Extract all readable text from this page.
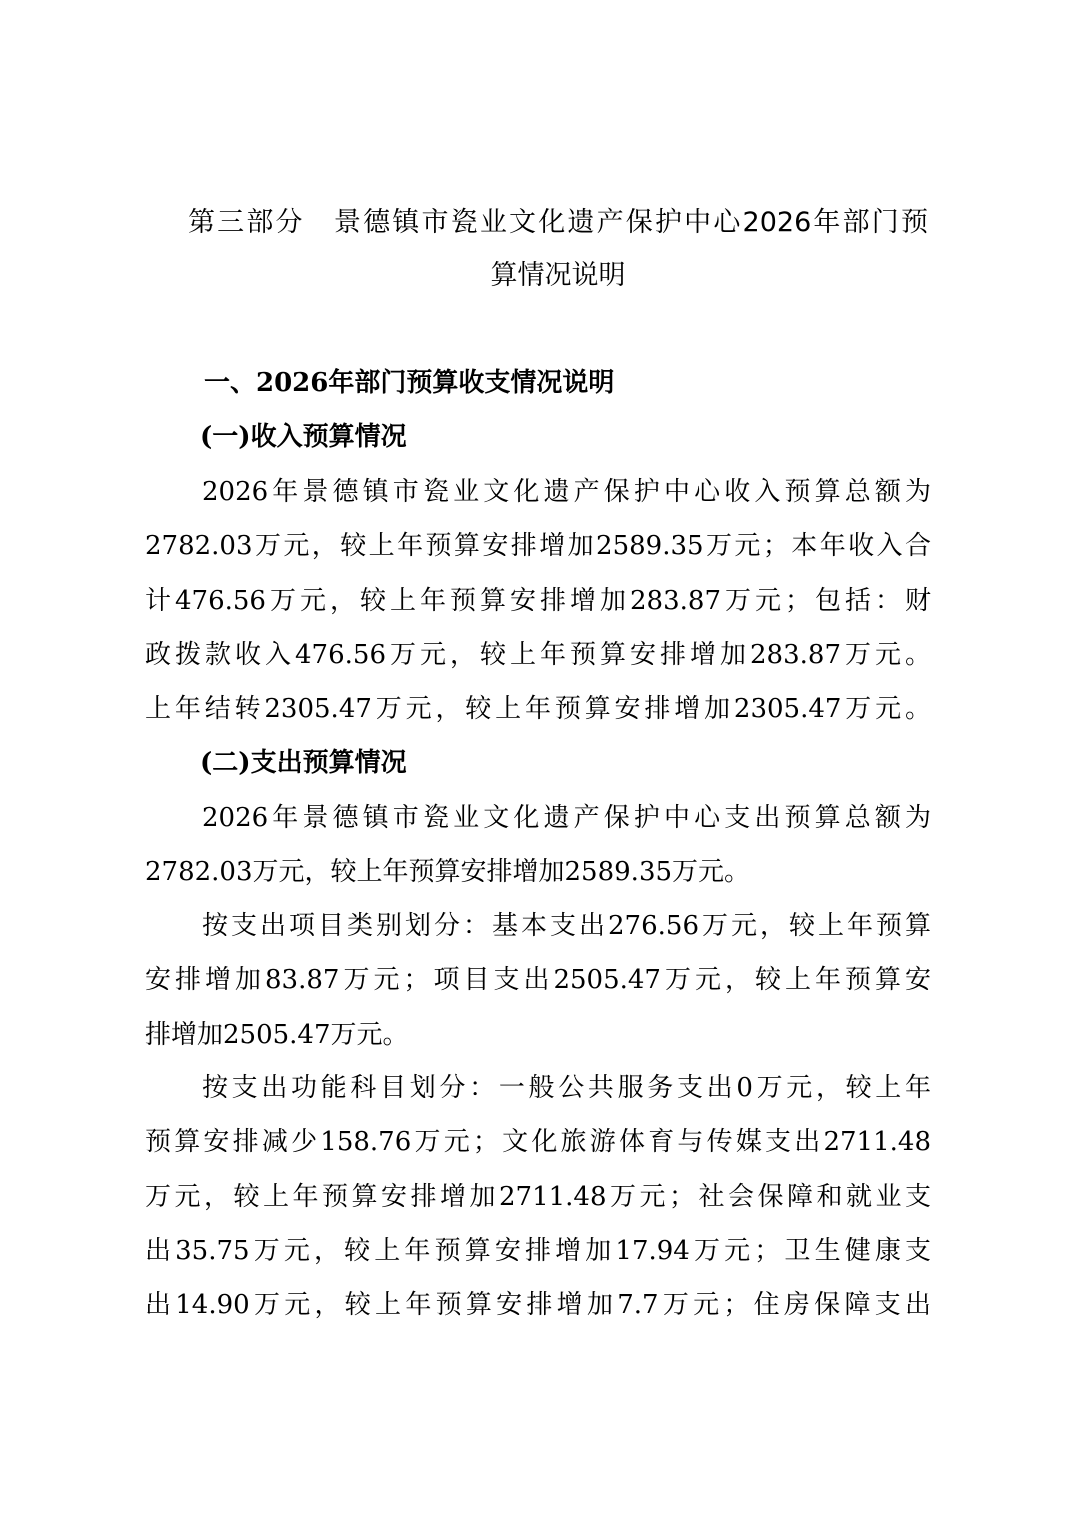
第三部分　景德镇市瓷业文化遗产保护中心2026年部门预
算情况说明
一、2026年部门预算收支情况说明
(一)收入预算情况
2026年景德镇市瓷业文化遗产保护中心收入预算总额为
2782.03万元，较上年预算安排增加2589.35万元；本年收入合
计476.56万元，较上年预算安排增加283.87万元；包括：财
政拨款收入476.56万元，较上年预算安排增加283.87万元。
上年结转2305.47万元，较上年预算安排增加2305.47万元。
(二)支出预算情况
2026年景德镇市瓷业文化遗产保护中心支出预算总额为
2782.03万元，较上年预算安排增加2589.35万元。
按支出项目类别划分：基本支出276.56万元，较上年预算
安排增加83.87万元；项目支出2505.47万元，较上年预算安
排增加2505.47万元。
按支出功能科目划分：一般公共服务支出0万元，较上年
预算安排减少158.76万元；文化旅游体育与传媒支出2711.48
万元，较上年预算安排增加2711.48万元；社会保障和就业支
出35.75万元，较上年预算安排增加17.94万元；卫生健康支
出14.90万元，较上年预算安排增加7.7万元；住房保障支出
